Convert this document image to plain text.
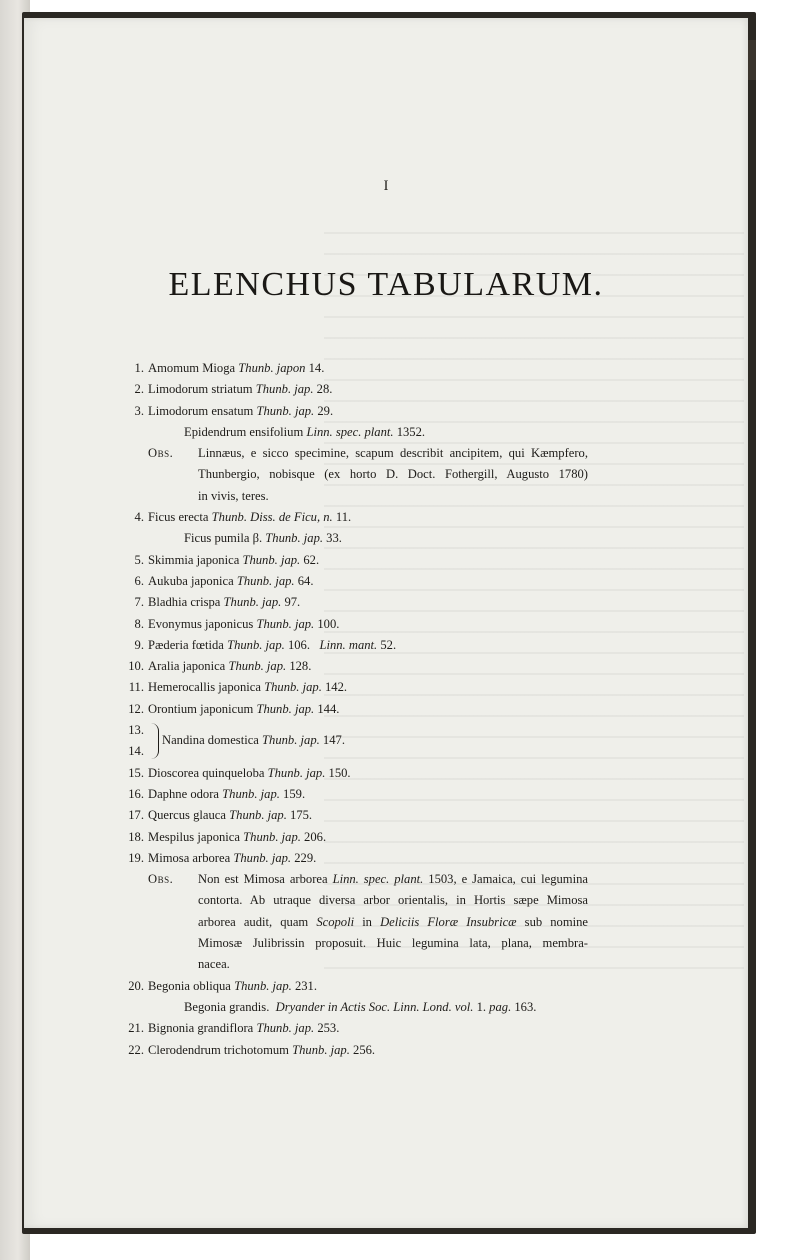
I
ELENCHUS TABULARUM.
1. Amomum Mioga Thunb. japon 14.
2. Limodorum striatum Thunb. jap. 28.
3. Limodorum ensatum Thunb. jap. 29.
Epidendrum ensifolium Linn. spec. plant. 1352.
Obs. Linnæus, e sicco specimine, scapum describit ancipitem, qui Kæmpfero,
Thunbergio, nobisque (ex horto D. Doct. Fothergill, Augusto 1780)
in vivis, teres.
4. Ficus erecta Thunb. Diss. de Ficu, n. 11.
Ficus pumila β. Thunb. jap. 33.
5. Skimmia japonica Thunb. jap. 62.
6. Aukuba japonica Thunb. jap. 64.
7. Bladhia crispa Thunb. jap. 97.
8. Evonymus japonicus Thunb. jap. 100.
9. Pæderia fœtida Thunb. jap. 106. Linn. mant. 52.
10. Aralia japonica Thunb. jap. 128.
11. Hemerocallis japonica Thunb. jap. 142.
12. Orontium japonicum Thunb. jap. 144.
13.
14.
Nandina domestica Thunb. jap. 147.
15. Dioscorea quinqueloba Thunb. jap. 150.
16. Daphne odora Thunb. jap. 159.
17. Quercus glauca Thunb. jap. 175.
18. Mespilus japonica Thunb. jap. 206.
19. Mimosa arborea Thunb. jap. 229.
Obs. Non est Mimosa arborea Linn. spec. plant. 1503, e Jamaica, cui legumina
contorta. Ab utraque diversa arbor orientalis, in Hortis sæpe Mimosa
arborea audit, quam Scopoli in Deliciis Floræ Insubricæ sub nomine
Mimosæ Julibrissin proposuit. Huic legumina lata, plana, membra-
nacea.
20. Begonia obliqua Thunb. jap. 231.
Begonia grandis. Dryander in Actis Soc. Linn. Lond. vol. 1. pag. 163.
21. Bignonia grandiflora Thunb. jap. 253.
22. Clerodendrum trichotomum Thunb. jap. 256.
